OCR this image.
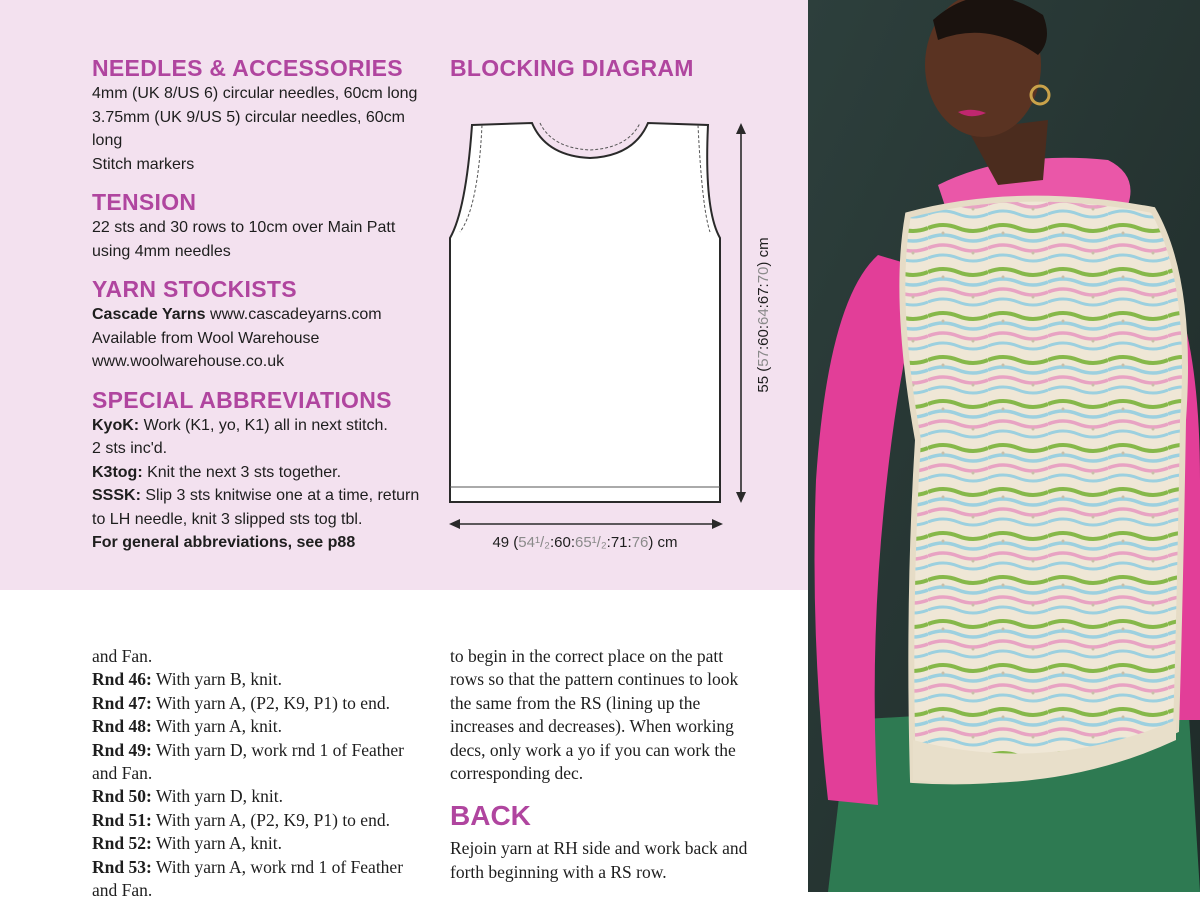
NEEDLES & ACCESSORIES

4mm (UK 8/US 6) circular needles, 60cm long

3.75mm (UK 9/US 5) circular needles, 60cm

long

Stitch markers

TENSION

22 sts and 30 rows to 10cm over Main Patt

using 4mm needles

YARN STOCKISTS

Cascade Yarns www.cascadeyarns.com

Available from Wool Warehouse

www.woolwarehouse.co.uk

SPECIAL ABBREVIATIONS

KyoK: Work (K1, yo, K1) all in next stitch.

2 sts inc'd.

K3tog: Knit the next 3 sts together.

SSSK: Slip 3 sts knitwise one at a time, return

to LH needle, knit 3 slipped sts tog tbl.

For general abbreviations, see p88

BLOCKING DIAGRAM
55 (57:60:64:67:70) cm
49 (54¹/₂:60:65¹/₂:71:76) cm

and Fan.

Rnd 46: With yarn B, knit.

Rnd 47: With yarn A, (P2, K9, P1) to end.

Rnd 48: With yarn A, knit.

Rnd 49: With yarn D, work rnd 1 of Feather

and Fan.

Rnd 50: With yarn D, knit.

Rnd 51: With yarn A, (P2, K9, P1) to end.

Rnd 52: With yarn A, knit.

Rnd 53: With yarn A, work rnd 1 of Feather

and Fan.

to begin in the correct place on the patt

rows so that the pattern continues to look

the same from the RS (lining up the

increases and decreases). When working

decs, only work a yo if you can work the

corresponding dec.

BACK

Rejoin yarn at RH side and work back and

forth beginning with a RS row.
